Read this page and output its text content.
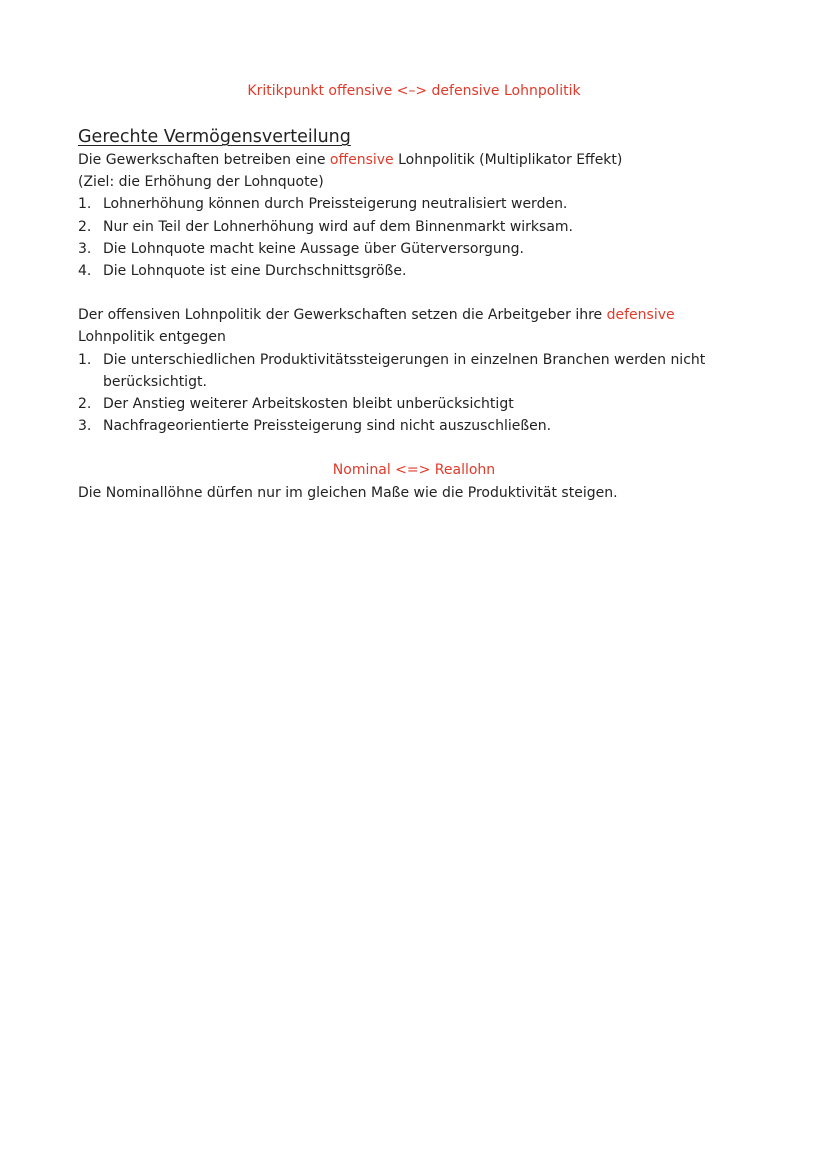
Kritikpunkt offensive <–> defensive Lohnpolitik

Gerechte Vermögensverteilung

Die Gewerkschaften betreiben eine offensive Lohnpolitik (Multiplikator Effekt)

(Ziel: die Erhöhung der Lohnquote)

1. Lohnerhöhung können durch Preissteigerung neutralisiert werden.
2. Nur ein Teil der Lohnerhöhung wird auf dem Binnenmarkt wirksam.
3. Die Lohnquote macht keine Aussage über Güterversorgung.
4. Die Lohnquote ist eine Durchschnittsgröße.

Der offensiven Lohnpolitik der Gewerkschaften setzen die Arbeitgeber ihre defensive

Lohnpolitik entgegen

1. Die unterschiedlichen Produktivitätssteigerungen in einzelnen Branchen werden nicht berücksichtigt.
2. Der Anstieg weiterer Arbeitskosten bleibt unberücksichtigt
3. Nachfrageorientierte Preissteigerung sind nicht auszuschließen.

Nominal <=> Reallohn

Die Nominallöhne dürfen nur im gleichen Maße wie die Produktivität steigen.
